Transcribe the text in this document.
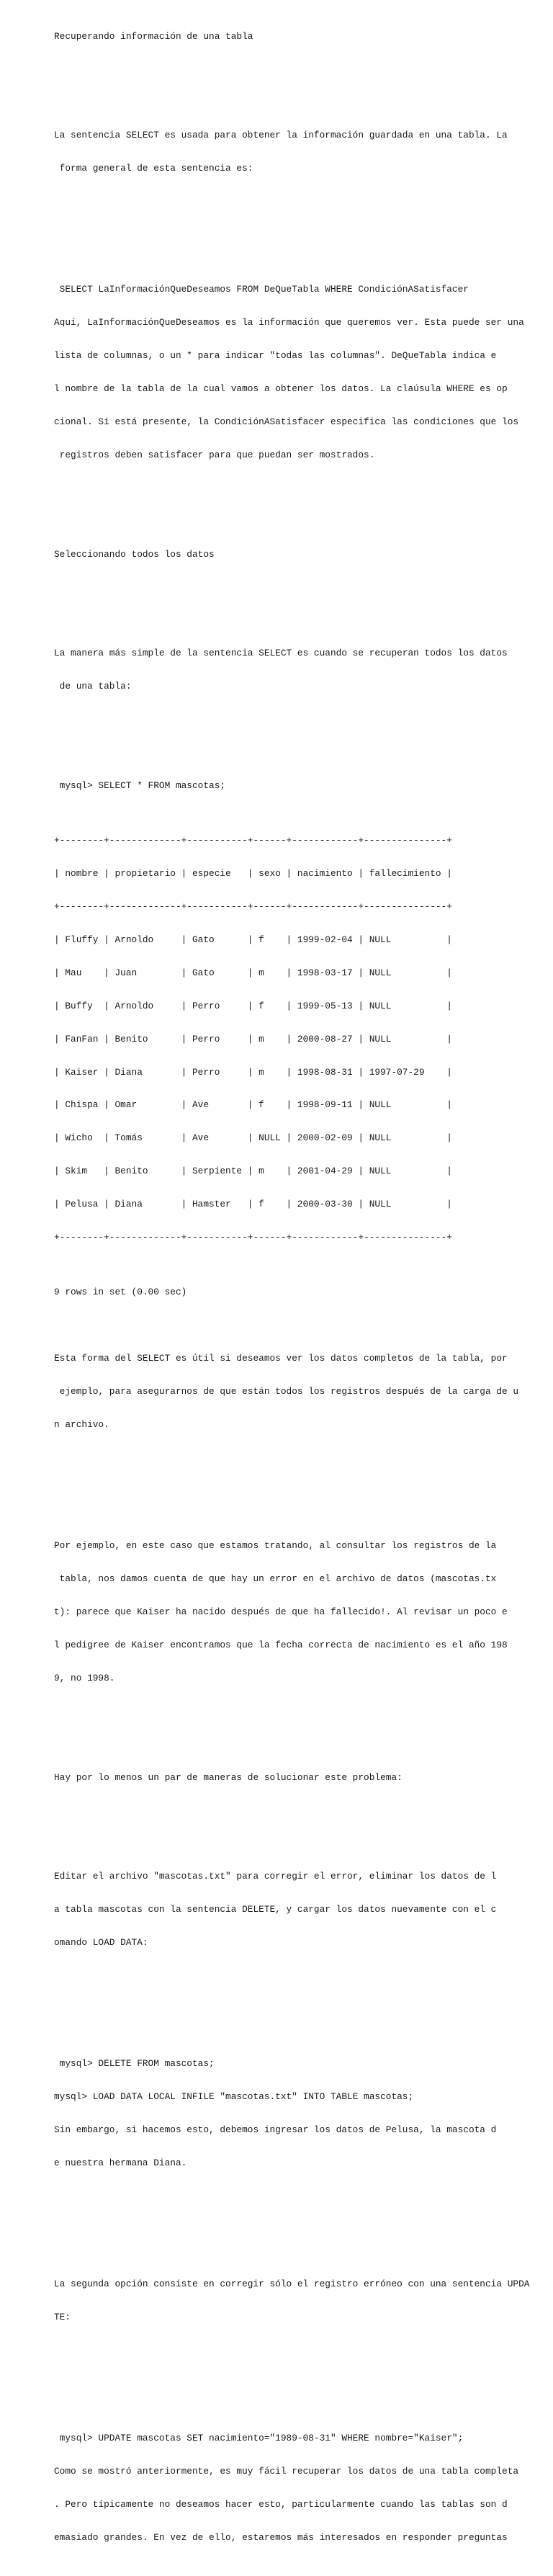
Recuperando información de una tabla

La sentencia SELECT es usada para obtener la información guardada en una tabla. La

forma general de esta sentencia es:

SELECT LaInformaciónQueDeseamos FROM DeQueTabla WHERE CondiciónASatisfacer

Aquí, LaInformaciónQueDeseamos es la información que queremos ver. Esta puede ser una

lista de columnas, o un * para indicar "todas las columnas". DeQueTabla indica e

l nombre de la tabla de la cual vamos a obtener los datos. La claúsula WHERE es op

cional. Si está presente, la CondiciónASatisfacer especifica las condiciones que los

registros deben satisfacer para que puedan ser mostrados.

Seleccionando todos los datos

La manera más simple de la sentencia SELECT es cuando se recuperan todos los datos

de una tabla:

mysql> SELECT * FROM mascotas;

+--------+-------------+-----------+------+------------+---------------+

| nombre | propietario | especie   | sexo | nacimiento | fallecimiento |

+--------+-------------+-----------+------+------------+---------------+

| Fluffy | Arnoldo     | Gato      | f    | 1999-02-04 | NULL          |

| Mau    | Juan        | Gato      | m    | 1998-03-17 | NULL          |

| Buffy  | Arnoldo     | Perro     | f    | 1999-05-13 | NULL          |

| FanFan | Benito      | Perro     | m    | 2000-08-27 | NULL          |

| Kaiser | Diana       | Perro     | m    | 1998-08-31 | 1997-07-29    |

| Chispa | Omar        | Ave       | f    | 1998-09-11 | NULL          |

| Wicho  | Tomás       | Ave       | NULL | 2000-02-09 | NULL          |

| Skim   | Benito      | Serpiente | m    | 2001-04-29 | NULL          |

| Pelusa | Diana       | Hamster   | f    | 2000-03-30 | NULL          |

+--------+-------------+-----------+------+------------+---------------+

9 rows in set (0.00 sec)

Esta forma del SELECT es útil si deseamos ver los datos completos de la tabla, por

ejemplo, para asegurarnos de que están todos los registros después de la carga de u

n archivo.

Por ejemplo, en este caso que estamos tratando, al consultar los registros de la

tabla, nos damos cuenta de que hay un error en el archivo de datos (mascotas.tx

t): parece que Kaiser ha nacido después de que ha fallecido!. Al revisar un poco e

l pedigree de Kaiser encontramos que la fecha correcta de nacimiento es el año 198

9, no 1998.

Hay por lo menos un par de maneras de solucionar este problema:

Editar el archivo "mascotas.txt" para corregir el error, eliminar los datos de l

a tabla mascotas con la sentencia DELETE, y cargar los datos nuevamente con el c

omando LOAD DATA:

mysql> DELETE FROM mascotas;

mysql> LOAD DATA LOCAL INFILE "mascotas.txt" INTO TABLE mascotas;

Sin embargo, si hacemos esto, debemos ingresar los datos de Pelusa, la mascota d

e nuestra hermana Diana.

La segunda opción consiste en corregir sólo el registro erróneo con una sentencia UPDA

TE:

mysql> UPDATE mascotas SET nacimiento="1989-08-31" WHERE nombre="Kaiser";

Como se mostró anteriormente, es muy fácil recuperar los datos de una tabla completa

. Pero típicamente no deseamos hacer esto, particularmente cuando las tablas son d

emasiado grandes. En vez de ello, estaremos más interesados en responder preguntas
